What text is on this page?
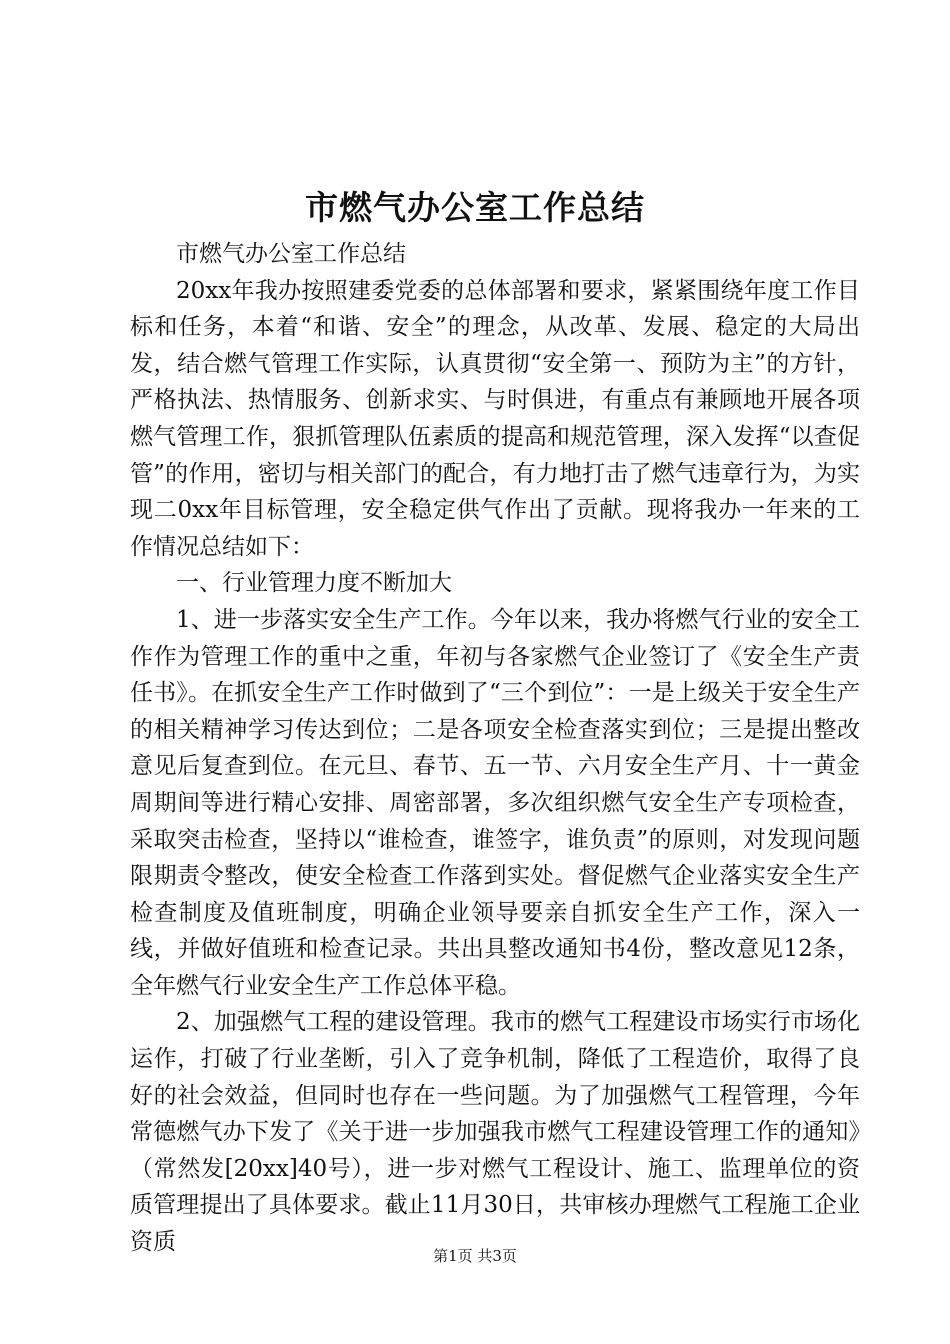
市燃气办公室工作总结

市燃气办公室工作总结

20xx年我办按照建委党委的总体部署和要求，紧紧围绕年度工作目标和任务，本着“和谐、安全”的理念，从改革、发展、稳定的大局出发，结合燃气管理工作实际，认真贯彻“安全第一、预防为主”的方针，严格执法、热情服务、创新求实、与时俱进，有重点有兼顾地开展各项燃气管理工作，狠抓管理队伍素质的提高和规范管理，深入发挥“以查促管”的作用，密切与相关部门的配合，有力地打击了燃气违章行为，为实现二0xx年目标管理，安全稳定供气作出了贡献。现将我办一年来的工作情况总结如下：

一、行业管理力度不断加大

1、进一步落实安全生产工作。今年以来，我办将燃气行业的安全工作作为管理工作的重中之重，年初与各家燃气企业签订了《安全生产责任书》。在抓安全生产工作时做到了“三个到位”：一是上级关于安全生产的相关精神学习传达到位；二是各项安全检查落实到位；三是提出整改意见后复查到位。在元旦、春节、五一节、六月安全生产月、十一黄金周期间等进行精心安排、周密部署，多次组织燃气安全生产专项检查，采取突击检查，坚持以“谁检查，谁签字，谁负责”的原则，对发现问题限期责令整改，使安全检查工作落到实处。督促燃气企业落实安全生产检查制度及值班制度，明确企业领导要亲自抓安全生产工作，深入一线，并做好值班和检查记录。共出具整改通知书4份，整改意见12条，全年燃气行业安全生产工作总体平稳。

2、加强燃气工程的建设管理。我市的燃气工程建设市场实行市场化运作，打破了行业垄断，引入了竞争机制，降低了工程造价，取得了良好的社会效益，但同时也存在一些问题。为了加强燃气工程管理，今年常德燃气办下发了《关于进一步加强我市燃气工程建设管理工作的通知》（常然发[20xx]40号），进一步对燃气工程设计、施工、监理单位的资质管理提出了具体要求。截止11月30日，共审核办理燃气工程施工企业资质

第1页 共3页
